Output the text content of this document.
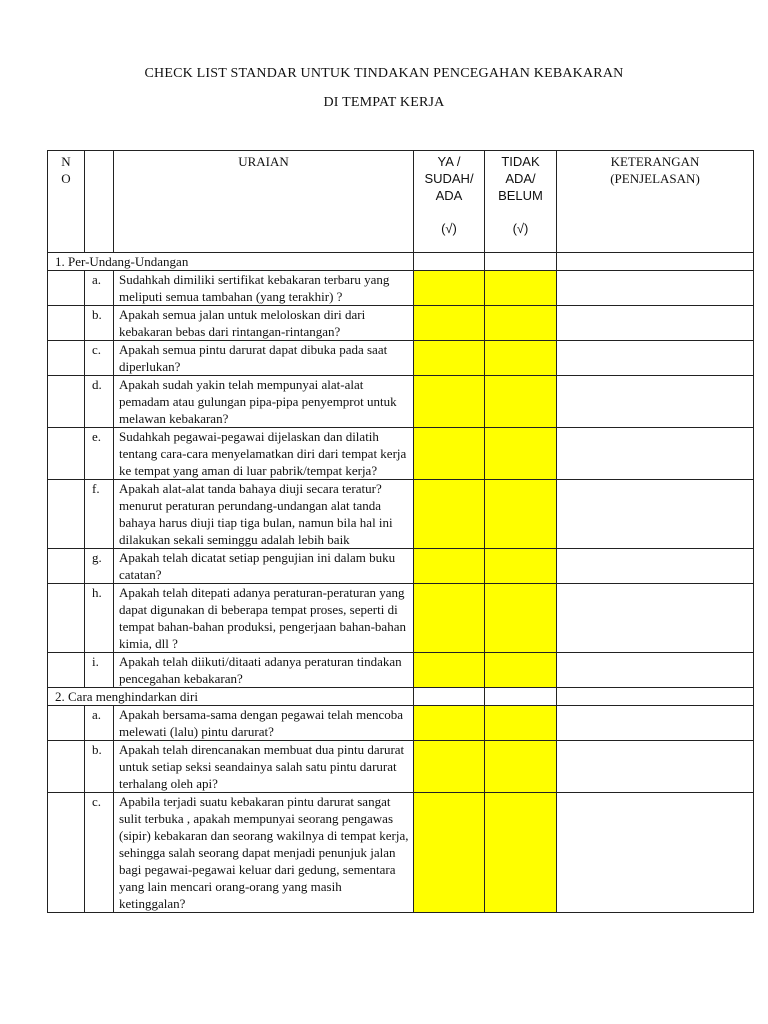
CHECK LIST STANDAR UNTUK TINDAKAN PENCEGAHAN KEBAKARAN
DI TEMPAT KERJA
N
O		URAIAN	YA /
SUDAH/
ADA
(√)	TIDAK
ADA/
BELUM
(√)	KETERANGAN
(PENJELASAN)
1. Per-Undang-Undangan					
	a.	Sudahkah dimiliki sertifikat kebakaran terbaru yang meliputi semua tambahan (yang terakhir) ?			
	b.	Apakah semua jalan untuk meloloskan diri dari kebakaran bebas dari rintangan-rintangan?			
	c.	Apakah semua pintu darurat dapat dibuka pada saat diperlukan?			
	d.	Apakah sudah yakin telah mempunyai alat-alat pemadam atau gulungan pipa-pipa penyemprot untuk melawan kebakaran?			
	e.	Sudahkah pegawai-pegawai dijelaskan dan dilatih tentang cara-cara menyelamatkan diri dari tempat kerja ke tempat yang aman di luar pabrik/tempat kerja?			
	f.	Apakah alat-alat tanda bahaya diuji secara teratur? menurut peraturan perundang-undangan alat tanda bahaya harus diuji tiap tiga bulan, namun bila hal ini dilakukan sekali seminggu adalah lebih baik			
	g.	Apakah telah dicatat setiap pengujian ini dalam buku catatan?			
	h.	Apakah telah ditepati adanya peraturan-peraturan yang dapat digunakan di beberapa tempat proses, seperti di tempat bahan-bahan produksi, pengerjaan bahan-bahan kimia, dll ?			
	i.	Apakah telah diikuti/ditaati adanya peraturan tindakan pencegahan kebakaran?			
2. Cara menghindarkan diri					
	a.	Apakah bersama-sama dengan pegawai telah mencoba melewati (lalu) pintu darurat?			
	b.	Apakah telah direncanakan membuat dua pintu darurat untuk setiap seksi seandainya salah satu pintu darurat terhalang oleh api?			
	c.	Apabila terjadi suatu kebakaran pintu darurat sangat sulit terbuka , apakah mempunyai seorang pengawas (sipir) kebakaran dan seorang wakilnya di tempat kerja, sehingga salah seorang dapat menjadi penunjuk jalan bagi pegawai-pegawai keluar dari gedung, sementara yang lain mencari orang-orang yang masih ketinggalan?			
